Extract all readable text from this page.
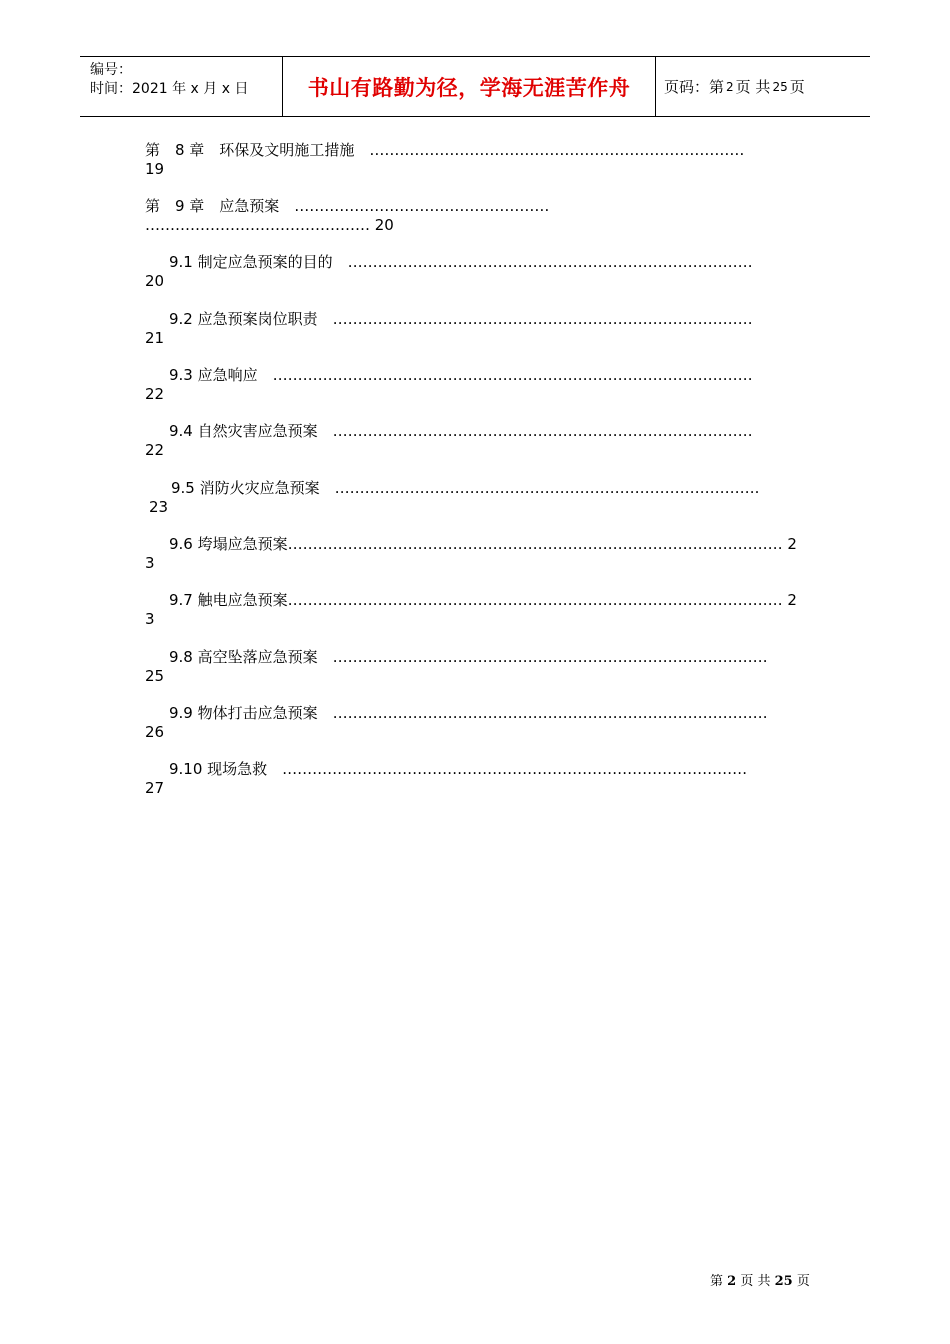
编号：
时间：2021 年 x 月 x 日	书山有路勤为径，学海无涯苦作舟	页码：第 2 页 共 25 页
第　8 章　环保及文明施工措施　…………………………………………………………………
19
第　9 章　应急预案　……………………………………………
……………………………………… 20
9.1 制定应急预案的目的　………………………………………………………………………
20
9.2 应急预案岗位职责　…………………………………………………………………………
21
9.3 应急响应　……………………………………………………………………………………
22
9.4 自然灾害应急预案　…………………………………………………………………………
22
9.5 消防火灾应急预案　………………………………………………………………………….
23
9.6 垮塌应急预案……………………………………………………………………………………… 2
3
9.7 触电应急预案……………………………………………………………………………………… 2
3
9.8 高空坠落应急预案　……………………………………………………………………………
25
9.9 物体打击应急预案　……………………………………………………………………………
26
9.10 现场急救　…………………………………………………………………………………
27
第 2 页 共 25 页
